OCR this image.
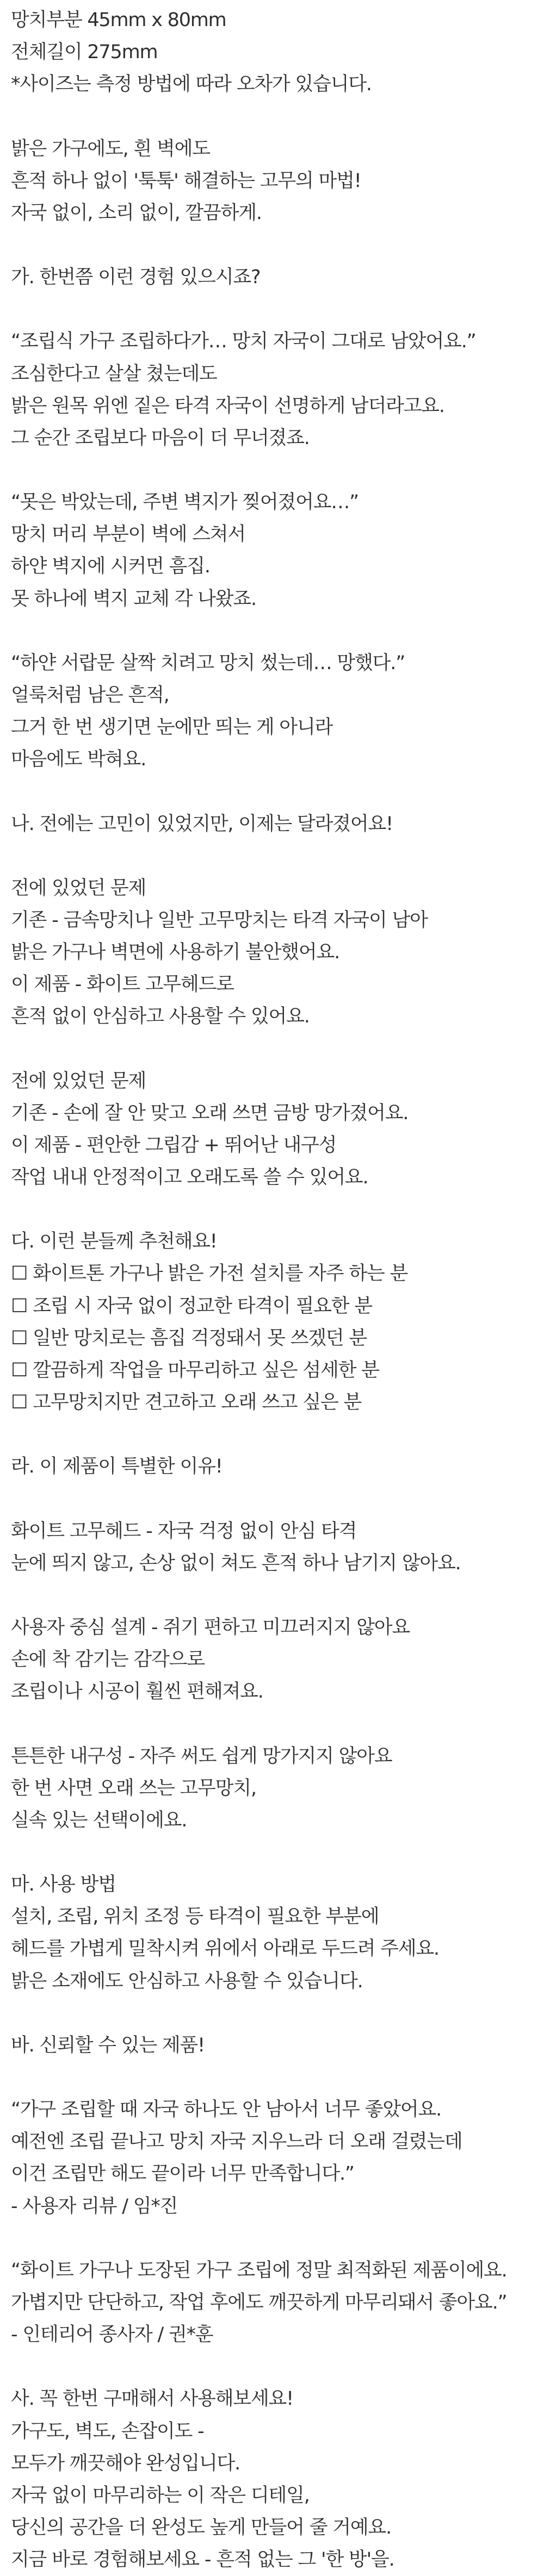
망치부분 45mm x 80mm
전체길이 275mm
*사이즈는 측정 방법에 따라 오차가 있습니다.
밝은 가구에도, 흰 벽에도
흔적 하나 없이 '툭툭' 해결하는 고무의 마법!
자국 없이, 소리 없이, 깔끔하게.
가. 한번쯤 이런 경험 있으시죠?
“조립식 가구 조립하다가… 망치 자국이 그대로 남았어요.”
조심한다고 살살 쳤는데도
밝은 원목 위엔 짙은 타격 자국이 선명하게 남더라고요.
그 순간 조립보다 마음이 더 무너졌죠.
“못은 박았는데, 주변 벽지가 찢어졌어요…”
망치 머리 부분이 벽에 스쳐서
하얀 벽지에 시커먼 흠집.
못 하나에 벽지 교체 각 나왔죠.
“하얀 서랍문 살짝 치려고 망치 썼는데… 망했다.”
얼룩처럼 남은 흔적,
그거 한 번 생기면 눈에만 띄는 게 아니라
마음에도 박혀요.
나. 전에는 고민이 있었지만, 이제는 달라졌어요!
전에 있었던 문제
기존 - 금속망치나 일반 고무망치는 타격 자국이 남아
밝은 가구나 벽면에 사용하기 불안했어요.
이 제품 - 화이트 고무헤드로
흔적 없이 안심하고 사용할 수 있어요.
전에 있었던 문제
기존 - 손에 잘 안 맞고 오래 쓰면 금방 망가졌어요.
이 제품 - 편안한 그립감 + 뛰어난 내구성
작업 내내 안정적이고 오래도록 쓸 수 있어요.
다. 이런 분들께 추천해요!
☐ 화이트톤 가구나 밝은 가전 설치를 자주 하는 분
☐ 조립 시 자국 없이 정교한 타격이 필요한 분
☐ 일반 망치로는 흠집 걱정돼서 못 쓰겠던 분
☐ 깔끔하게 작업을 마무리하고 싶은 섬세한 분
☐ 고무망치지만 견고하고 오래 쓰고 싶은 분
라. 이 제품이 특별한 이유!
화이트 고무헤드 - 자국 걱정 없이 안심 타격
눈에 띄지 않고, 손상 없이 쳐도 흔적 하나 남기지 않아요.
사용자 중심 설계 - 쥐기 편하고 미끄러지지 않아요
손에 착 감기는 감각으로
조립이나 시공이 훨씬 편해져요.
튼튼한 내구성 - 자주 써도 쉽게 망가지지 않아요
한 번 사면 오래 쓰는 고무망치,
실속 있는 선택이에요.
마. 사용 방법
설치, 조립, 위치 조정 등 타격이 필요한 부분에
헤드를 가볍게 밀착시켜 위에서 아래로 두드려 주세요.
밝은 소재에도 안심하고 사용할 수 있습니다.
바. 신뢰할 수 있는 제품!
“가구 조립할 때 자국 하나도 안 남아서 너무 좋았어요.
예전엔 조립 끝나고 망치 자국 지우느라 더 오래 걸렸는데
이건 조립만 해도 끝이라 너무 만족합니다.”
- 사용자 리뷰 / 임*진
“화이트 가구나 도장된 가구 조립에 정말 최적화된 제품이에요.
가볍지만 단단하고, 작업 후에도 깨끗하게 마무리돼서 좋아요.”
- 인테리어 종사자 / 권*훈
사. 꼭 한번 구매해서 사용해보세요!
가구도, 벽도, 손잡이도 -
모두가 깨끗해야 완성입니다.
자국 없이 마무리하는 이 작은 디테일,
당신의 공간을 더 완성도 높게 만들어 줄 거예요.
지금 바로 경험해보세요 - 흔적 없는 그 '한 방'을.
